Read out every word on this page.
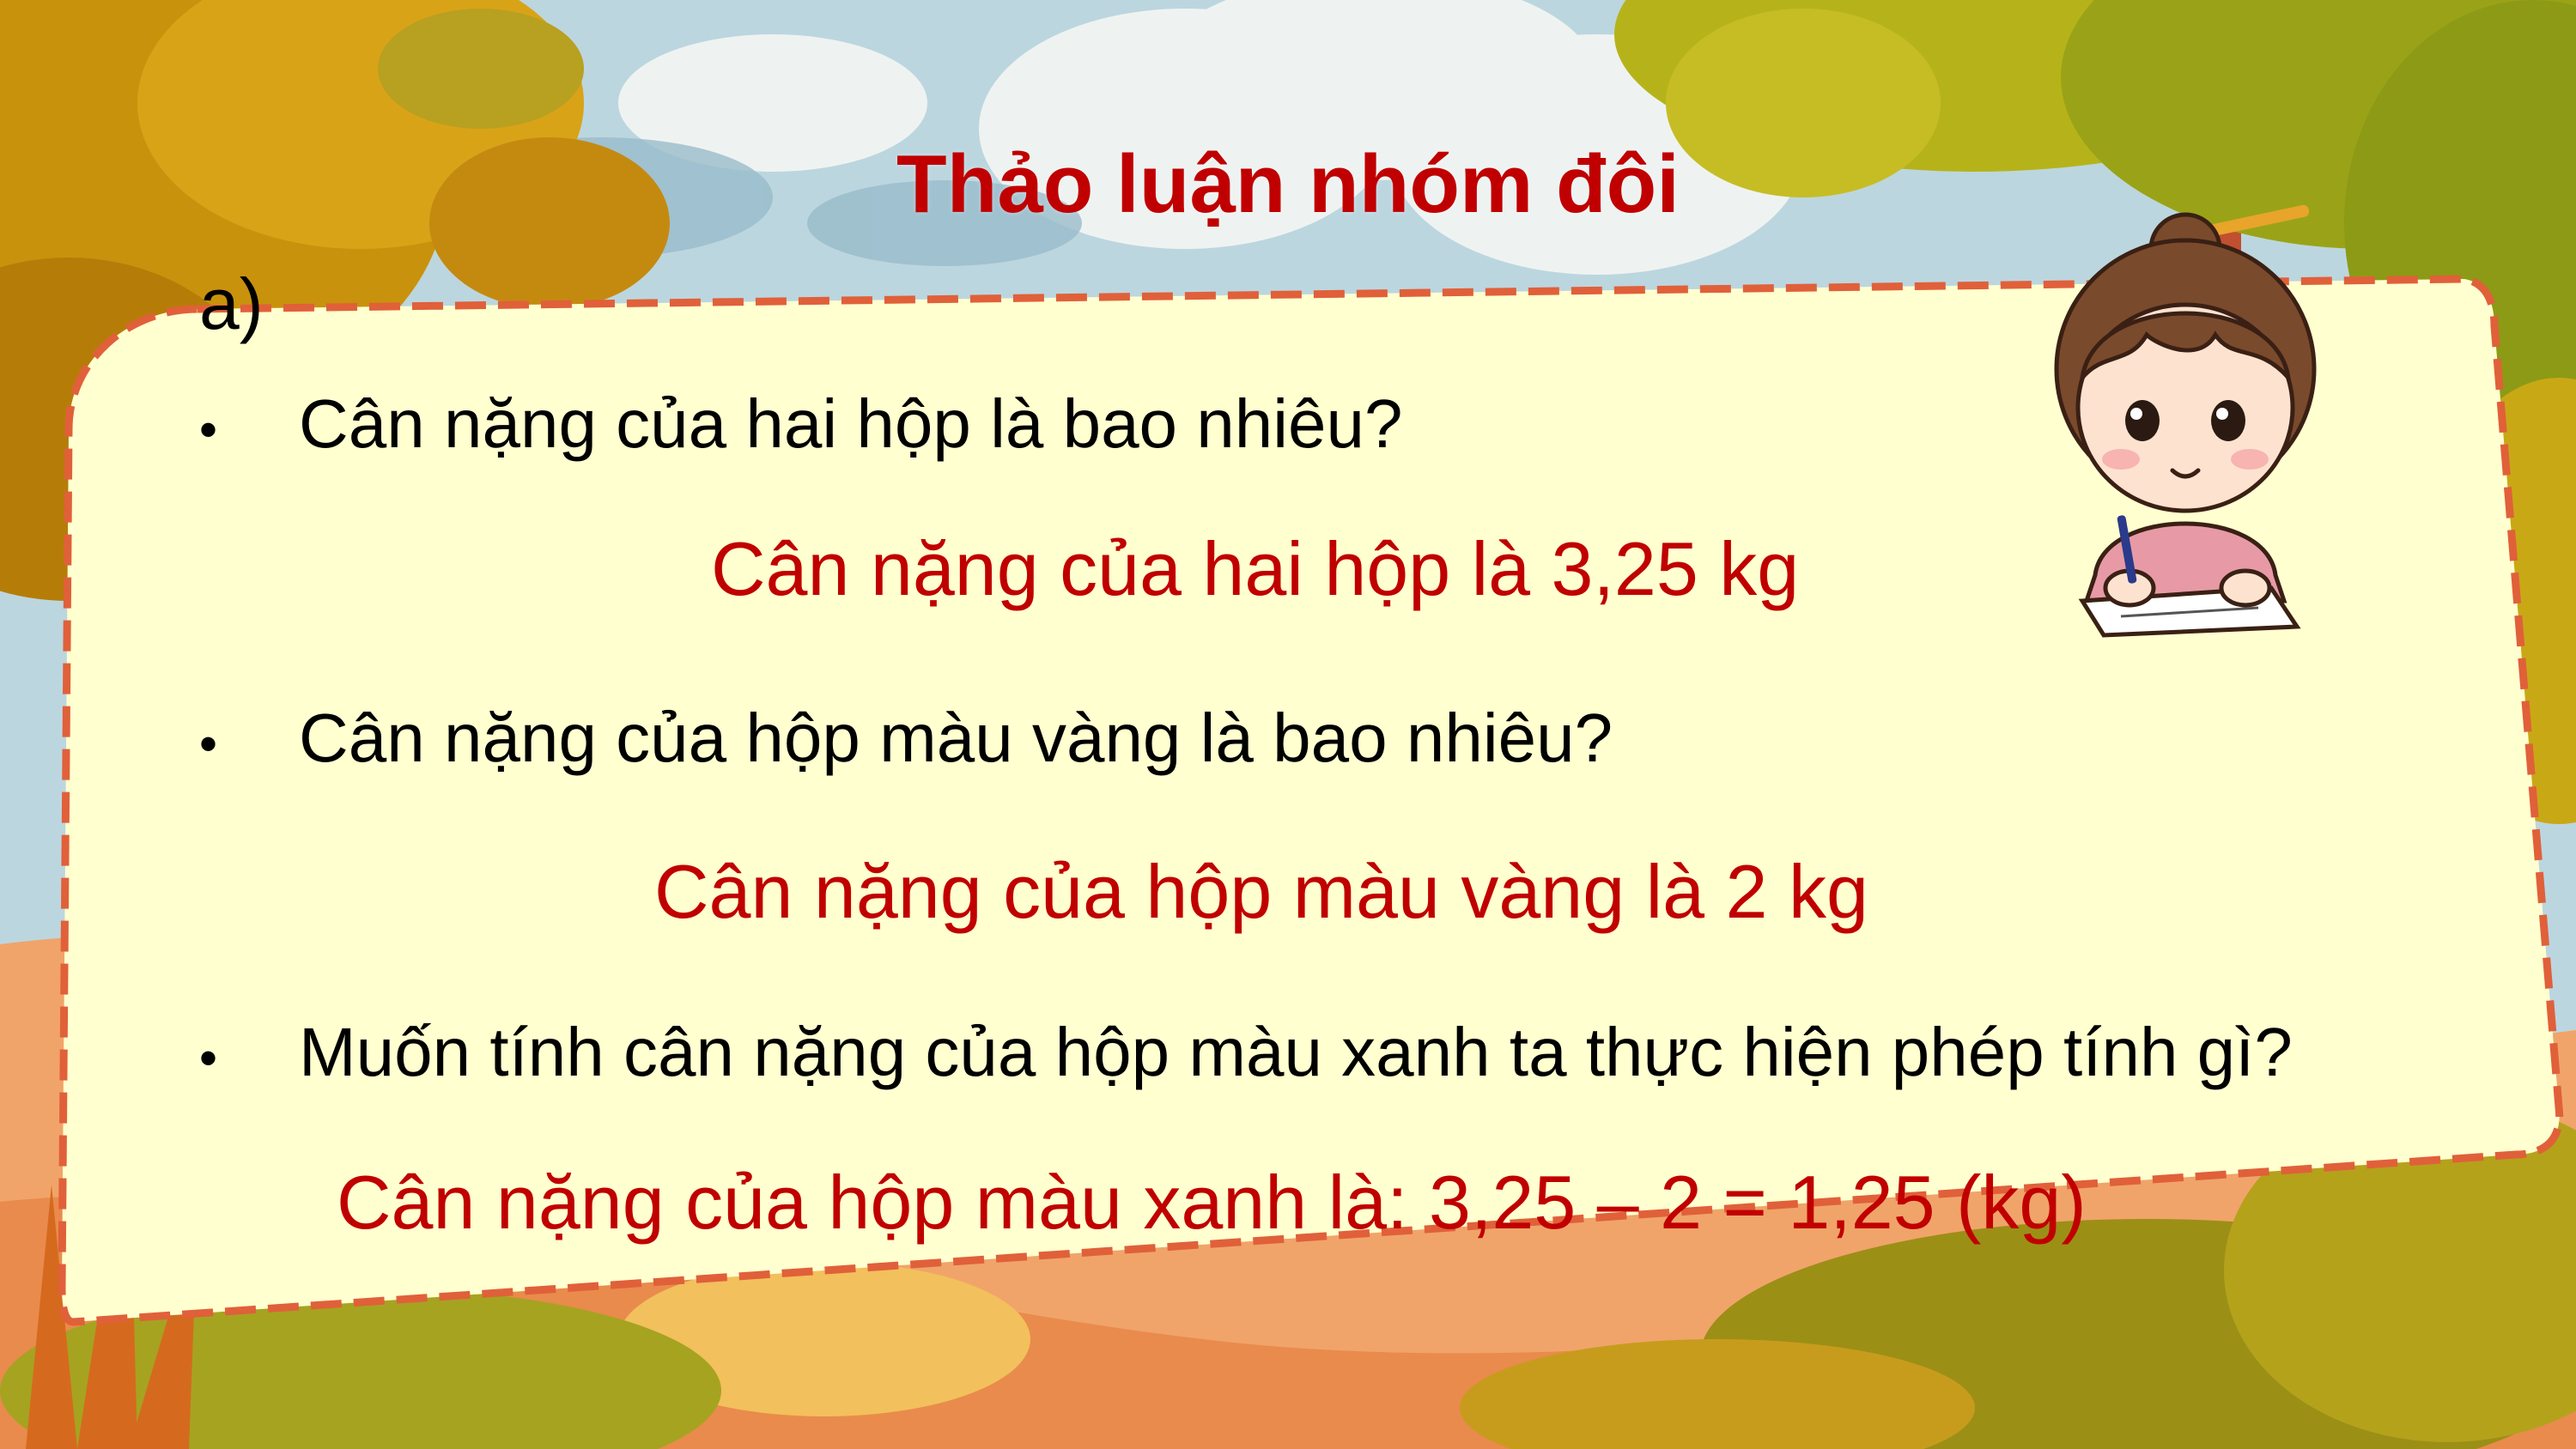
Thảo luận nhóm đôi
a)
•	Cân nặng của hai hộp là bao nhiêu?
Cân nặng của hai hộp là 3,25 kg
•	Cân nặng của hộp màu vàng là bao nhiêu?
Cân nặng của hộp màu vàng là 2 kg
•	Muốn tính cân nặng của hộp màu xanh ta thực hiện phép tính gì?
Cân nặng của hộp màu xanh là: 3,25 – 2 = 1,25 (kg)
